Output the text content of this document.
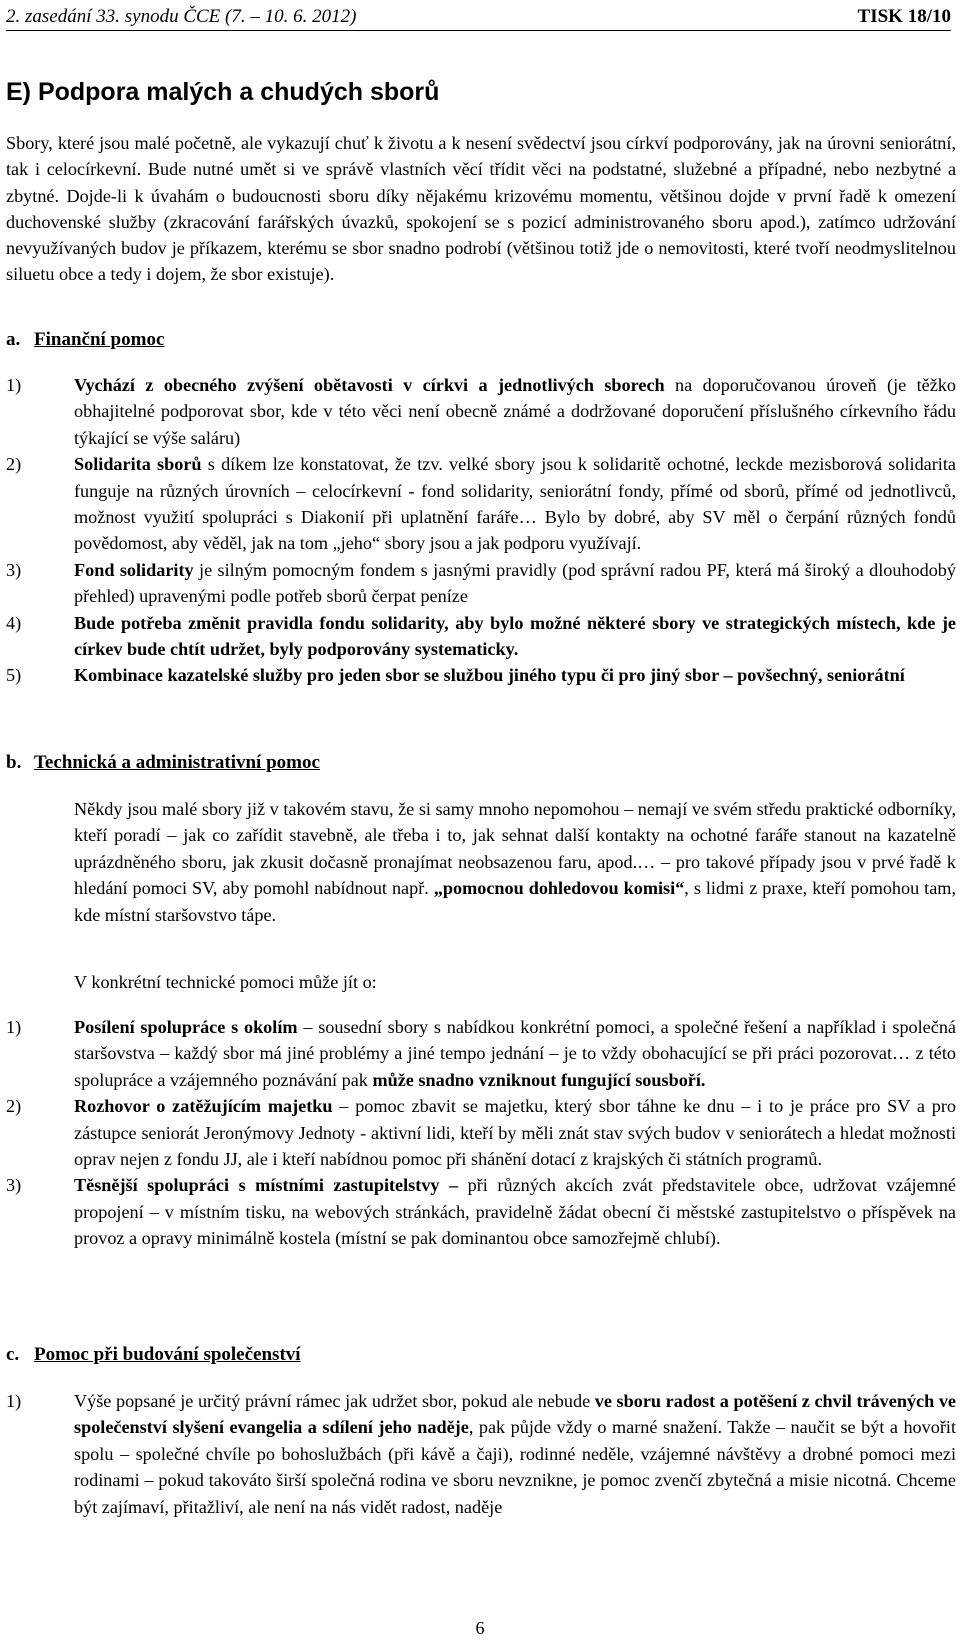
2. zasedání 33. synodu ČCE (7. – 10. 6. 2012)	TISK 18/10
E) Podpora malých a chudých sborů

Sbory, které jsou malé početně, ale vykazují chuť k životu a k nesení svědectví jsou církví podporovány, jak na úrovni seniorátní, tak i celocírkevní. Bude nutné umět si ve správě vlastních věcí třídit věci na podstatné, služebné a případné, nebo nezbytné a zbytné. Dojde-li k úvahám o budoucnosti sboru díky nějakému krizovému momentu, většinou dojde v první řadě k omezení duchovenské služby (zkracování farářských úvazků, spokojení se s pozicí administrovaného sboru apod.), zatímco udržování nevyužívaných budov je příkazem, kterému se sbor snadno podrobí (většinou totiž jde o nemovitosti, které tvoří neodmyslitelnou siluetu obce a tedy i dojem, že sbor existuje).

a. Finanční pomoc
1)	Vychází z obecného zvýšení obětavosti v církvi a jednotlivých sborech na doporučovanou úroveň (je těžko obhajitelné podporovat sbor, kde v této věci není obecně známé a dodržované doporučení příslušného církevního řádu týkající se výše saláru)
2)	Solidarita sborů s díkem lze konstatovat, že tzv. velké sbory jsou k solidaritě ochotné, leckde mezisborová solidarita funguje na různých úrovních – celocírkevní - fond solidarity, seniorátní fondy, přímé od sborů, přímé od jednotlivců, možnost využití spolupráci s Diakonií při uplatnění faráře… Bylo by dobré, aby SV měl o čerpání různých fondů povědomost, aby věděl, jak na tom „jeho“ sbory jsou a jak podporu využívají.
3)	Fond solidarity je silným pomocným fondem s jasnými pravidly (pod správní radou PF, která má široký a dlouhodobý přehled) upravenými podle potřeb sborů čerpat peníze
4)	Bude potřeba změnit pravidla fondu solidarity, aby bylo možné některé sbory ve strategických místech, kde je církev bude chtít udržet, byly podporovány systematicky.
5)	Kombinace kazatelské služby pro jeden sbor se službou jiného typu či pro jiný sbor – povšechný, seniorátní
b. Technická a administrativní pomoc

Někdy jsou malé sbory již v takovém stavu, že si samy mnoho nepomohou – nemají ve svém středu praktické odborníky, kteří poradí – jak co zařídit stavebně, ale třeba i to, jak sehnat další kontakty na ochotné faráře stanout na kazatelně uprázdněného sboru, jak zkusit dočasně pronajímat neobsazenou faru, apod.… – pro takové případy jsou v prvé řadě k hledání pomoci SV, aby pomohl nabídnout např. „pomocnou dohledovou komisi“, s lidmi z praxe, kteří pomohou tam, kde místní staršovstvo tápe.

V konkrétní technické pomoci může jít o:

1)	Posílení spolupráce s okolím – sousední sbory s nabídkou konkrétní pomoci, a společné řešení a například i společná staršovstva – každý sbor má jiné problémy a jiné tempo jednání – je to vždy obohacující se při práci pozorovat… z této spolupráce a vzájemného poznávání pak může snadno vzniknout fungující sousboří.
2)	Rozhovor o zatěžujícím majetku – pomoc zbavit se majetku, který sbor táhne ke dnu – i to je práce pro SV a pro zástupce seniorát Jeronýmovy Jednoty - aktivní lidi, kteří by měli znát stav svých budov v seniorátech a hledat možnosti oprav nejen z fondu JJ, ale i kteří nabídnou pomoc při shánění dotací z krajských či státních programů.
3)	Těsnější spolupráci s místními zastupitelstvy – při různých akcích zvát představitele obce, udržovat vzájemné propojení – v místním tisku, na webových stránkách, pravidelně žádat obecní či městské zastupitelstvo o příspěvek na provoz a opravy minimálně kostela (místní se pak dominantou obce samozřejmě chlubí).
c. Pomoc při budování společenství
1)	Výše popsané je určitý právní rámec jak udržet sbor, pokud ale nebude ve sboru radost a potěšení z chvil trávených ve společenství slyšení evangelia a sdílení jeho naděje, pak půjde vždy o marné snažení. Takže – naučit se být a hovořit spolu – společné chvíle po bohoslužbách (při kávě a čaji), rodinné neděle, vzájemné návštěvy a drobné pomoci mezi rodinami – pokud takováto širší společná rodina ve sboru nevznikne, je pomoc zvenčí zbytečná a misie nicotná. Chceme být zajímaví, přitažliví, ale není na nás vidět radost, naděje
6
